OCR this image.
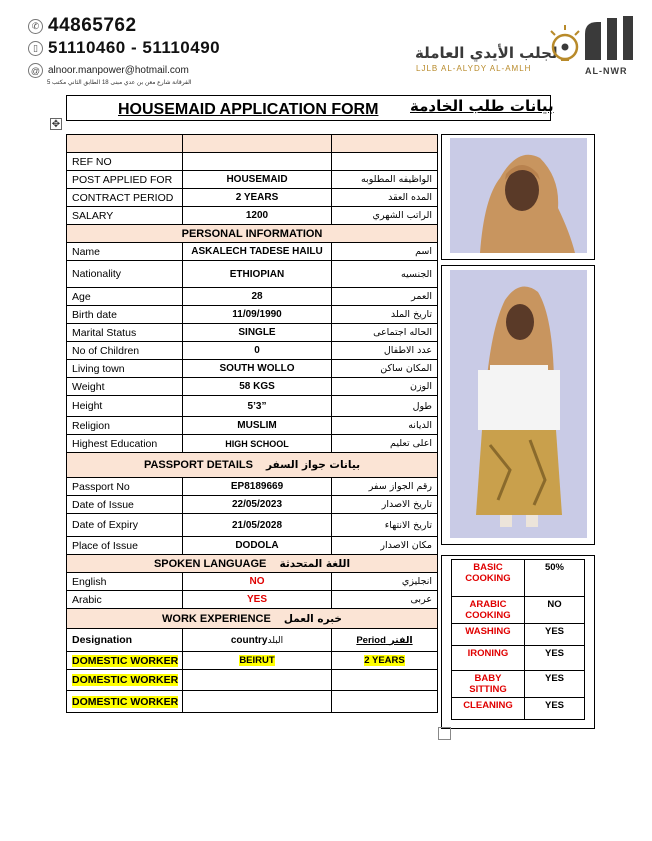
✆ 44865762
▯ 51110460 - 51110490
@ alnoor.manpower@hotmail.com
الفرقانة شارع معن بن عدي مبنى 18 الطابق الثاني مكتب 5
لجلب الأيدي العاملة
LJLB AL-ALYDY AL-AMLH	AL-NWR
HOUSEMAID APPLICATION FORM بيانات طلب الخادمة
✥

REF NO		
POST APPLIED FOR	HOUSEMAID	الواظيفه المطلوبه
CONTRACT PERIOD	2 YEARS	المده العقد
SALARY	1200	الراتب الشهري
PERSONAL INFORMATION		
Name	ASKALECH TADESE HAILU	اسم
Nationality	ETHIOPIAN	الجنسيه
Age	28	العمر
Birth date	11/09/1990	تاريخ الملد
Marital Status	SINGLE	الحاله اجتماعى
No of Children	0	عدد الاطفال
Living town	SOUTH WOLLO	المكان ساكن
Weight	58 KGS	الوزن
Height	5’3”	طول
Religion	MUSLIM	الديانه
Highest Education	HIGH SCHOOL	اعلى تعليم
PASSPORT DETAILS بيانات جواز السفر		
Passport No	EP8189669	رقم الجواز سفر
Date of Issue	22/05/2023	تاريخ الاصدار
Date of Expiry	21/05/2028	تاريخ الانتهاء
Place of Issue	DODOLA	مكان الاصدار
SPOKEN LANGUAGE اللغة المتحدثة		
English	NO	انجليزي
Arabic	YES	عربى
WORK EXPERIENCE خبره العمل		
Designation	countryالبلد	Period الفتر
DOMESTIC WORKER	BEIRUT	2 YEARS
DOMESTIC WORKER		
DOMESTIC WORKER		
BASIC COOKING	50%
ARABIC COOKING	NO
WASHING	YES
IRONING	YES
BABY SITTING	YES
CLEANING	YES
